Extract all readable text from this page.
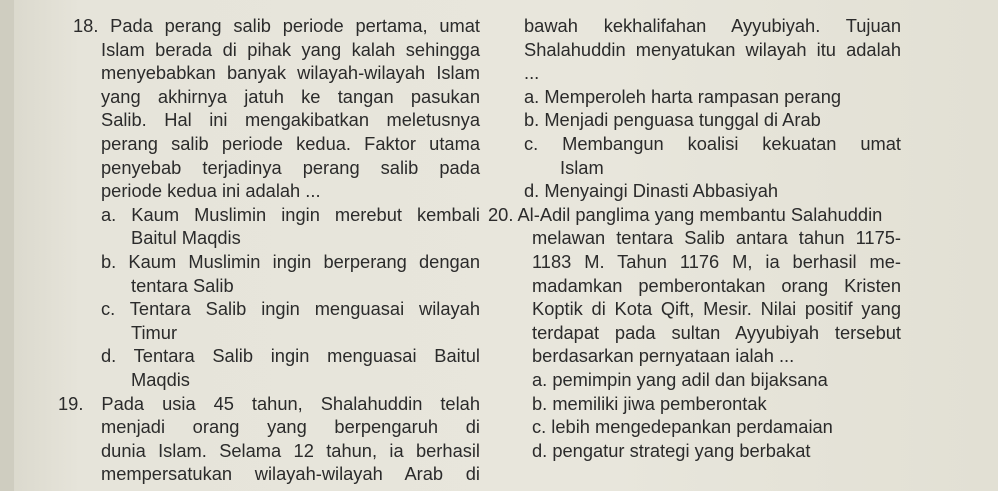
18. Pada perang salib periode pertama, umat
Islam berada di pihak yang kalah sehingga
menyebabkan banyak wilayah-wilayah Islam
yang akhirnya jatuh ke tangan pasukan
Salib. Hal ini mengakibatkan meletusnya
perang salib periode kedua. Faktor utama
penyebab terjadinya perang salib pada
periode kedua ini adalah ...
a. Kaum Muslimin ingin merebut kembali
Baitul Maqdis
b. Kaum Muslimin ingin berperang dengan
tentara Salib
c. Tentara Salib ingin menguasai wilayah
Timur
d. Tentara Salib ingin menguasai Baitul
Maqdis
19. Pada usia 45 tahun, Shalahuddin telah
menjadi orang yang berpengaruh di
dunia Islam. Selama 12 tahun, ia berhasil
mempersatukan wilayah-wilayah Arab di
bawah kekhalifahan Ayyubiyah. Tujuan
Shalahuddin menyatukan wilayah itu adalah
...
a. Memperoleh harta rampasan perang
b. Menjadi penguasa tunggal di Arab
c. Membangun koalisi kekuatan umat
Islam
d. Menyaingi Dinasti Abbasiyah
20. Al-Adil panglima yang membantu Salahuddin
melawan tentara Salib antara tahun 1175-
1183 M. Tahun 1176 M, ia berhasil me-
madamkan pemberontakan orang Kristen
Koptik di Kota Qift, Mesir. Nilai positif yang
terdapat pada sultan Ayyubiyah tersebut
berdasarkan pernyataan ialah ...
a. pemimpin yang adil dan bijaksana
b. memiliki jiwa pemberontak
c. lebih mengedepankan perdamaian
d. pengatur strategi yang berbakat
